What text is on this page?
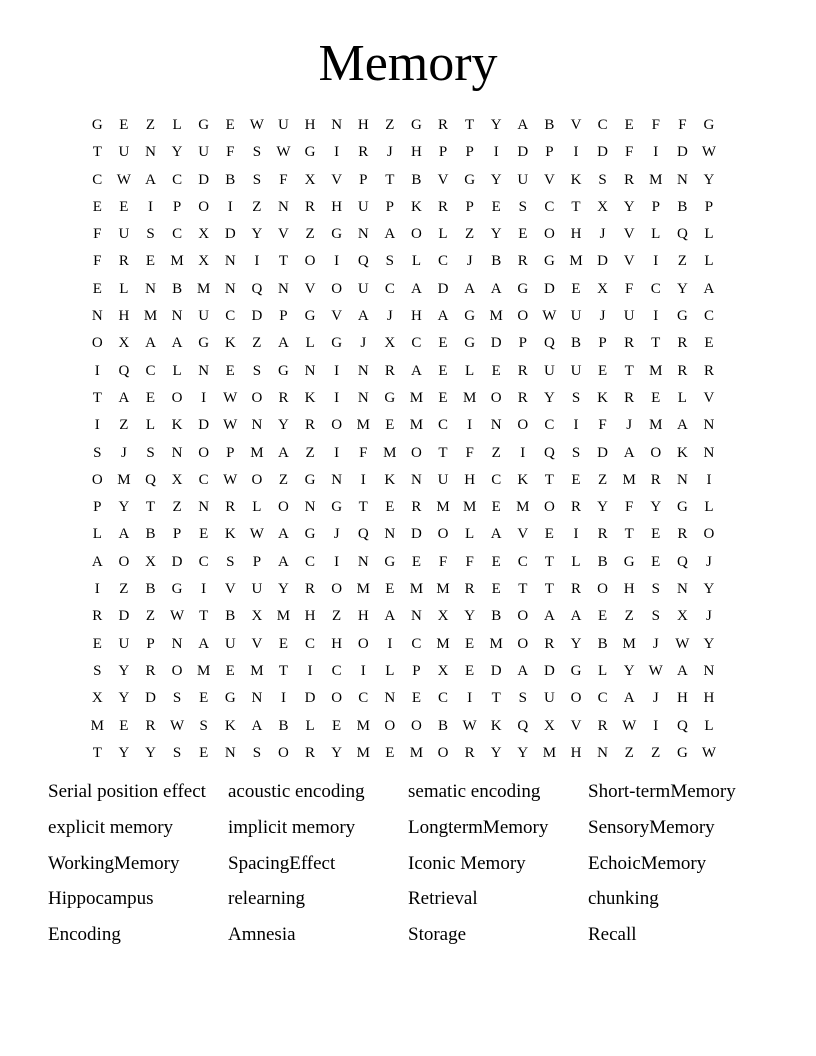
Memory
G	E	Z	L	G	E W U	H	N	H	Z	G	R	T	Y	A	B	V	C	E	F	F	G
T	U	N	Y	U	F	S	W G	I	R	J	H	P	P	I	D	P	I	D	F	I	D W
C W A	C	D	B	S	F	X	V	P	T	B	V	G	Y	U	V	K	S	R M N	Y
E	E	I	P	O	I	Z	N	R	H	U	P	K	R	P	E	S	C	T	X	Y	P	B	P
F	U	S	C	X	D	Y	V	Z	G	N	A	O	L	Z	Y	E	O	H	J	V	L	Q	L
F	R	E	M X	N	I	T	O	I	Q	S	L	C	J	B	R	G M D	V	I	Z	L
E	L	N	B M N	Q	N	V	O	U	C	A	D	A	A	G	D	E	X	F	C	Y	A
N	H M N	U	C	D	P	G	V	A	J	H	A	G M O W U	J	U	I	G	C
O	X	A	A	G	K	Z	A	L	G	J	X	C	E	G	D	P	Q	B	P	R	T	R	E
I	Q	C	L	N	E	S	G	N	I	N	R	A	E	L	E	R	U	U	E	T	M R	R
T	A	E	O	I	W O	R	K	I	N	G M	E	M O	R	Y	S	K	R	E	L	V
I	Z	L	K	D W N	Y	R	O M	E	M C	I	N	O	C	I	F	J	M A	N
S	J	S	N	O	P	M A	Z	I	F	M O	T	F	Z	I	Q	S	D	A	O	K	N
O M Q	X	C W O	Z	G	N	I	K	N	U	H	C	K	T	E	Z	M R	N	I
P	Y	T	Z	N	R	L	O	N	G	T	E	R M M	E	M O	R	Y	F	Y	G	L
L	A	B	P	E	K W A	G	J	Q	N	D	O	L	A	V	E	I	R	T	E	R	O
A	O	X	D	C	S	P	A	C	I	N	G	E	F	F	E	C	T	L	B	G	E	Q	J
I	Z	B	G	I	V	U	Y	R	O M	E	M M R	E	T	T	R	O	H	S	N	Y
R	D	Z W T	B	X M H	Z	H	A	N	X	Y	B	O	A	A	E	Z	S	X	J
E	U	P	N	A	U	V	E	C	H	O	I	C M	E	M O	R	Y	B M	J	W Y
S	Y	R	O M	E	M	T	I	C	I	L	P	X	E	D	A	D	G	L	Y W A	N
X	Y	D	S	E	G	N	I	D	O	C	N	E	C	I	T	S	U	O	C	A	J	H	H
M	E	R W	S	K	A	B	L	E	M O	O	B W K	Q	X	V	R W	I	Q	L
T	Y	Y	S	E	N	S	O	R	Y M	E	M O	R	Y	Y M H	N	Z	Z	G W
Serial position effect	acoustic encoding	sematic encoding	Short-termMemory
explicit memory	implicit memory	LongtermMemory	SensoryMemory
WorkingMemory	SpacingEffect	Iconic Memory	EchoicMemory
Hippocampus	relearning	Retrieval	chunking
Encoding	Amnesia	Storage	Recall
